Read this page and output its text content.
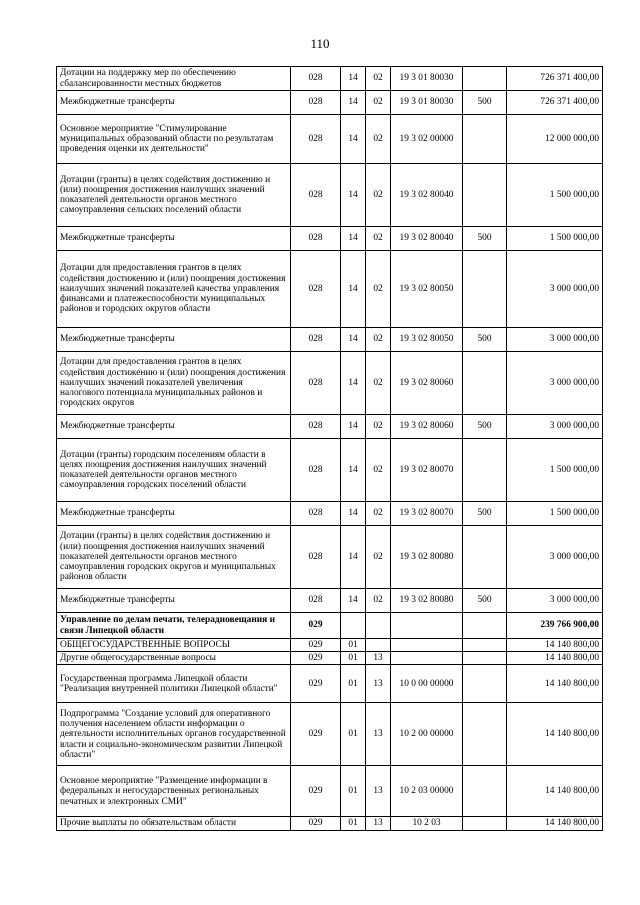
110
Дотации на поддержку мер по обеспечению сбалансированности местных бюджетов	028	14	02	19 3 01 80030		726 371 400,00
Межбюджетные трансферты	028	14	02	19 3 01 80030	500	726 371 400,00
Основное мероприятие "Стимулирование муниципальных образований области по результатам проведения оценки их деятельности"	028	14	02	19 3 02 00000		12 000 000,00
Дотации (гранты) в целях содействия достижению и (или) поощрения достижения наилучших значений показателей деятельности органов местного самоуправления сельских поселений области	028	14	02	19 3 02 80040		1 500 000,00
Межбюджетные трансферты	028	14	02	19 3 02 80040	500	1 500 000,00
Дотации для предоставления грантов в целях содействия достижению и (или) поощрения достижения наилучших значений показателей качества управления финансами и платежеспособности муниципальных районов и городских округов области	028	14	02	19 3 02 80050		3 000 000,00
Межбюджетные трансферты	028	14	02	19 3 02 80050	500	3 000 000,00
Дотации для предоставления грантов в целях содействия достижению и (или) поощрения достижения наилучших значений показателей увеличения налогового потенциала муниципальных районов и городских округов	028	14	02	19 3 02 80060		3 000 000,00
Межбюджетные трансферты	028	14	02	19 3 02 80060	500	3 000 000,00
Дотации (гранты) городским поселениям области в целях поощрения достижения наилучших значений показателей деятельности органов местного самоуправления городских поселений области	028	14	02	19 3 02 80070		1 500 000,00
Межбюджетные трансферты	028	14	02	19 3 02 80070	500	1 500 000,00
Дотации (гранты) в целях содействия достижению и (или) поощрения достижения наилучших значений показателей деятельности органов местного самоуправления городских округов и муниципальных районов области	028	14	02	19 3 02 80080		3 000 000,00
Межбюджетные трансферты	028	14	02	19 3 02 80080	500	3 000 000,00
Управление по делам печати, телерадиовещания и связи Липецкой области	029					239 766 900,00
ОБЩЕГОСУДАРСТВЕННЫЕ ВОПРОСЫ	029	01				14 140 800,00
Другие общегосударственные вопросы	029	01	13			14 140 800,00
Государственная программа Липецкой области "Реализация внутренней политики Липецкой области"	029	01	13	10 0 00 00000		14 140 800,00
Подпрограмма "Создание условий для оперативного получения населением области информации о деятельности исполнительных органов государственной власти и социально-экономическом развитии Липецкой области"	029	01	13	10 2 00 00000		14 140 800,00
Основное мероприятие "Размещение информации в федеральных и негосударственных региональных печатных и электронных СМИ"	029	01	13	10 2 03 00000		14 140 800,00
Прочие выплаты по обязательствам области	029	01	13	10 2 03		14 140 800,00
